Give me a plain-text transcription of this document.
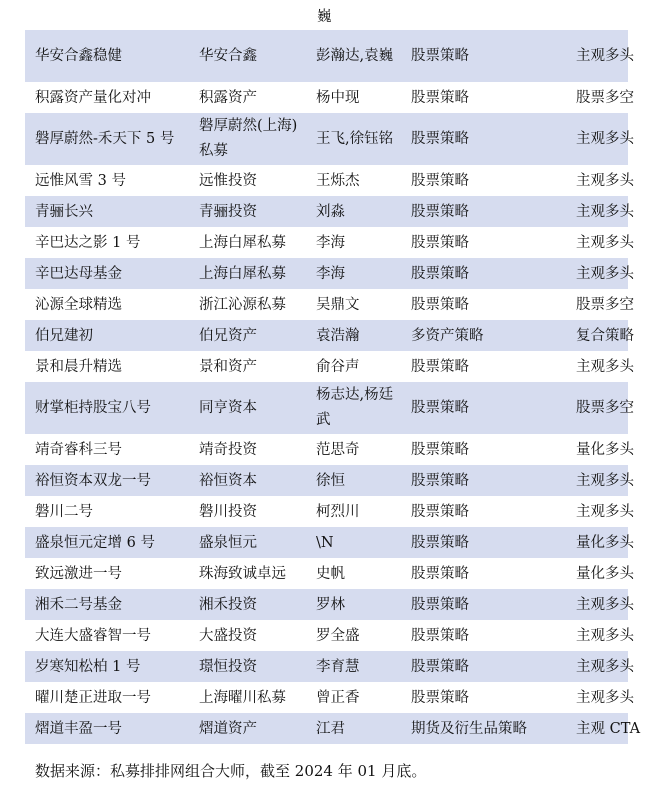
巍
华安合鑫稳健	华安合鑫	彭瀚达,袁巍	股票策略	主观多头
积露资产量化对冲	积露资产	杨中现	股票策略	股票多空
磐厚蔚然-禾天下 5 号	磐厚蔚然(上海)私募	王飞,徐钰铭	股票策略	主观多头
远惟风雪 3 号	远惟投资	王烁杰	股票策略	主观多头
青骊长兴	青骊投资	刘淼	股票策略	主观多头
辛巴达之影 1 号	上海白犀私募	李海	股票策略	主观多头
辛巴达母基金	上海白犀私募	李海	股票策略	主观多头
沁源全球精选	浙江沁源私募	吴鼎文	股票策略	股票多空
伯兄建初	伯兄资产	袁浩瀚	多资产策略	复合策略
景和晨升精选	景和资产	俞谷声	股票策略	主观多头
财掌柜持股宝八号	同亨资本	杨志达,杨廷武	股票策略	股票多空
靖奇睿科三号	靖奇投资	范思奇	股票策略	量化多头
裕恒资本双龙一号	裕恒资本	徐恒	股票策略	主观多头
磐川二号	磐川投资	柯烈川	股票策略	主观多头
盛泉恒元定增 6 号	盛泉恒元	\N	股票策略	量化多头
致远激进一号	珠海致诚卓远	史帆	股票策略	量化多头
湘禾二号基金	湘禾投资	罗林	股票策略	主观多头
大连大盛睿智一号	大盛投资	罗全盛	股票策略	主观多头
岁寒知松柏 1 号	璟恒投资	李育慧	股票策略	主观多头
曜川楚正进取一号	上海曜川私募	曾正香	股票策略	主观多头
熠道丰盈一号	熠道资产	江君	期货及衍生品策略	主观 CTA
数据来源：私募排排网组合大师，截至 2024 年 01 月底。
